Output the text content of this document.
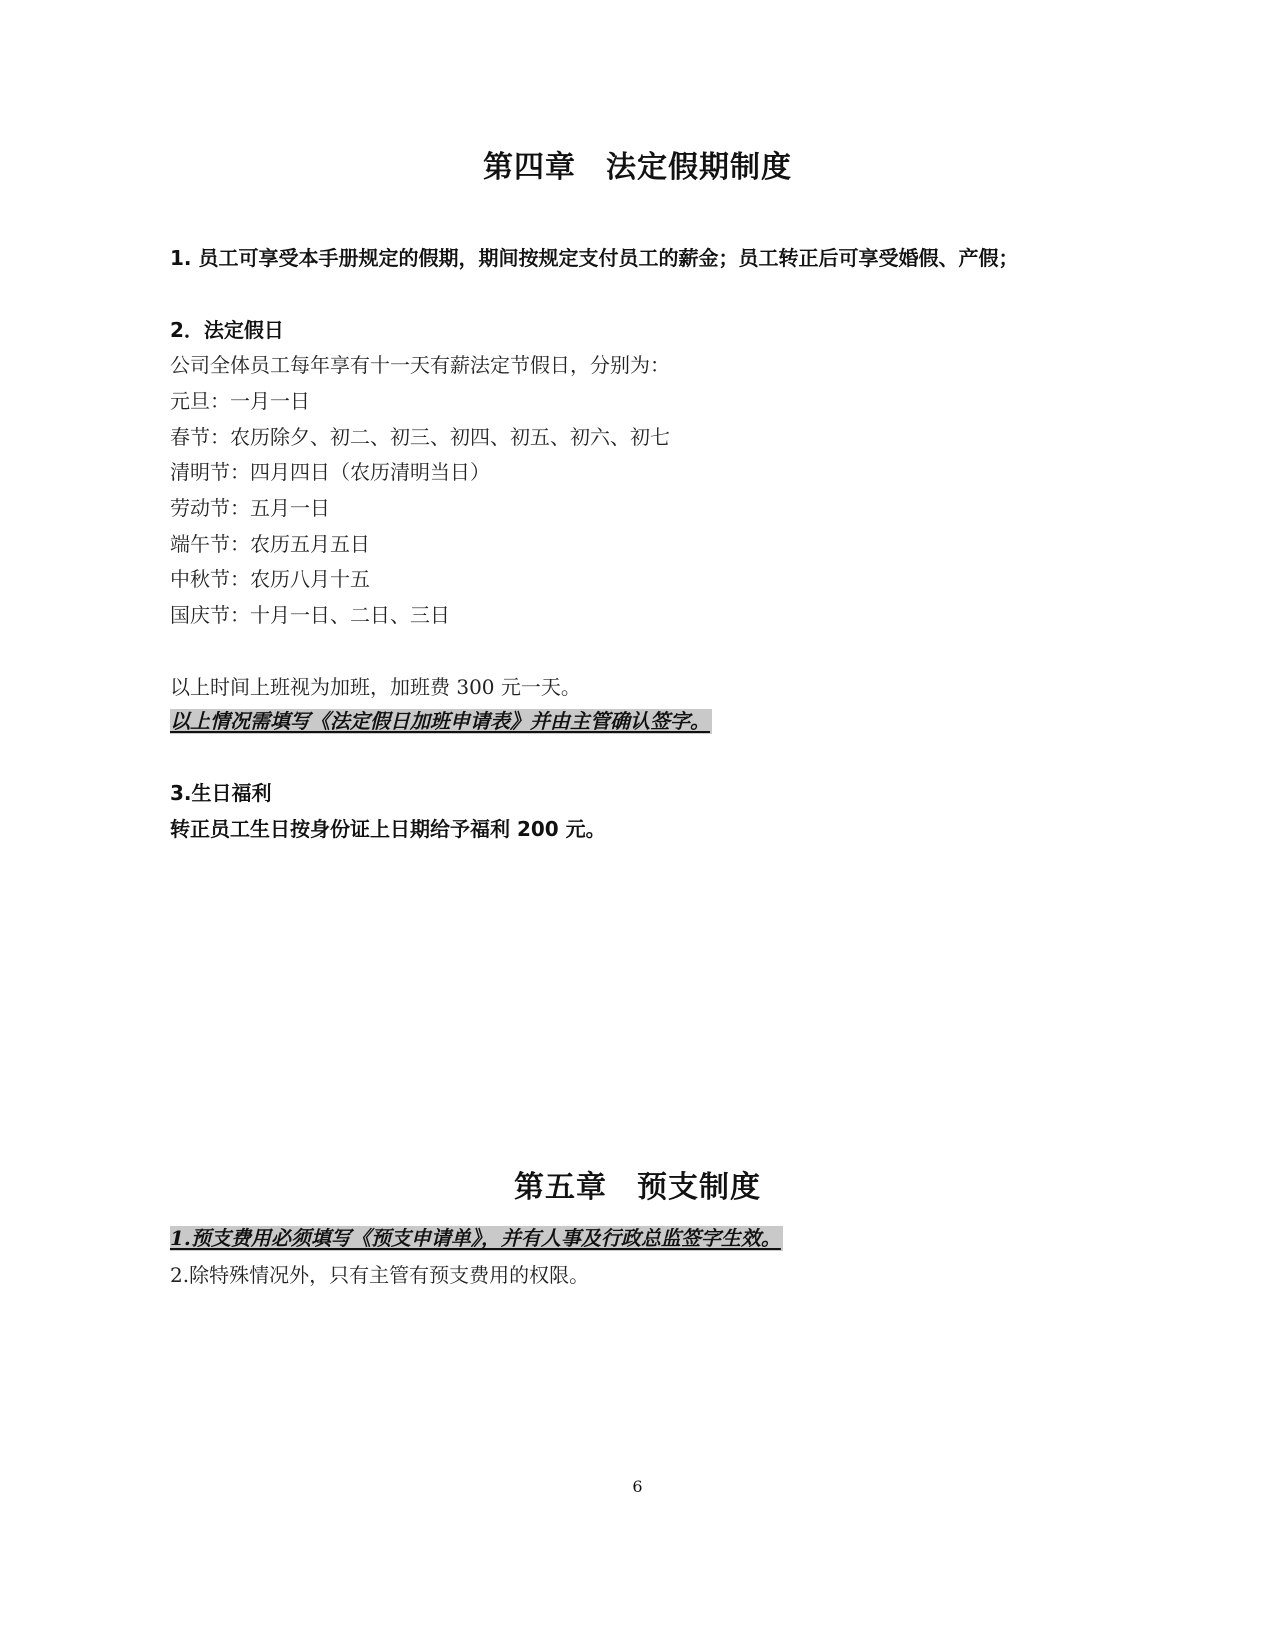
第四章 法定假期制度
1. 员工可享受本手册规定的假期，期间按规定支付员工的薪金；员工转正后可享受婚假、产假；
2．法定假日
公司全体员工每年享有十一天有薪法定节假日，分别为：
元旦：一月一日
春节：农历除夕、初二、初三、初四、初五、初六、初七
清明节：四月四日（农历清明当日）
劳动节：五月一日
端午节：农历五月五日
中秋节：农历八月十五
国庆节：十月一日、二日、三日
以上时间上班视为加班，加班费 300 元一天。
以上情况需填写《法定假日加班申请表》并由主管确认签字。
3.生日福利
转正员工生日按身份证上日期给予福利 200 元。
第五章 预支制度
1.预支费用必须填写《预支申请单》，并有人事及行政总监签字生效。
2.除特殊情况外，只有主管有预支费用的权限。
6
